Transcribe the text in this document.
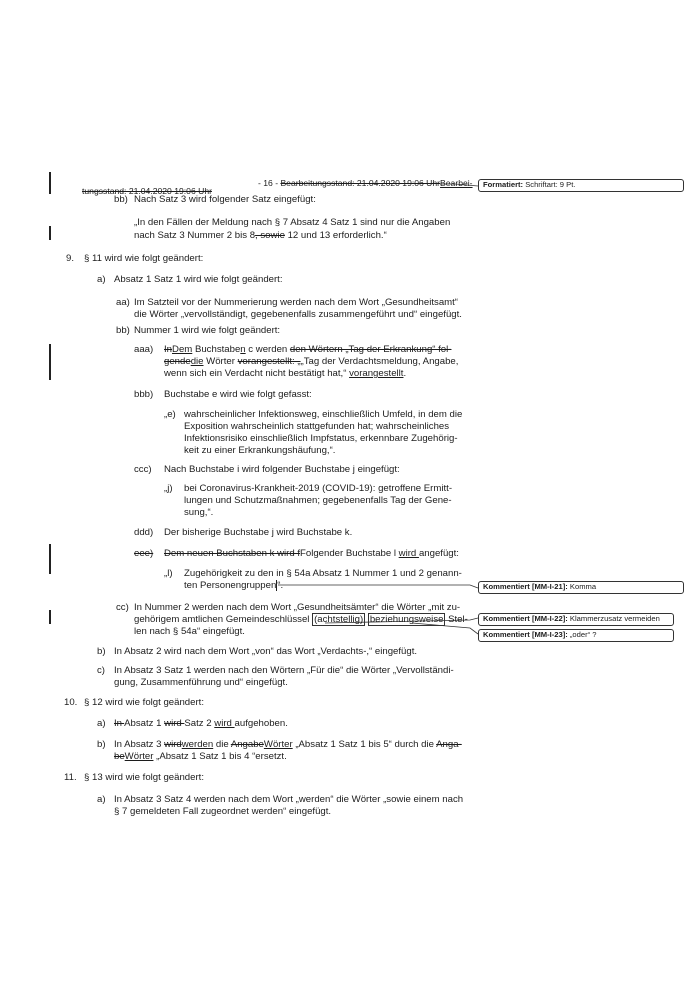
- 16 - Bearbeitungsstand: 21.04.2020 19:06 UhrBearbei-
tungsstand: 21.04.2020 19:06 Uhr
Formatiert: Schriftart: 9 Pt.
Kommentiert [MM-I-21]: Komma
Kommentiert [MM-I-22]: Klammerzusatz vermeiden
Kommentiert [MM-I-23]: „oder“ ?
bb) Nach Satz 3 wird folgender Satz eingefügt:
„In den Fällen der Meldung nach § 7 Absatz 4 Satz 1 sind nur die Angaben
nach Satz 3 Nummer 2 bis 8, sowie 12 und 13 erforderlich.“
9. § 11 wird wie folgt geändert:
a) Absatz 1 Satz 1 wird wie folgt geändert:
aa) Im Satzteil vor der Nummerierung werden nach dem Wort „Gesundheitsamt“
die Wörter „vervollständigt, gegebenenfalls zusammengeführt und“ eingefügt.
bb) Nummer 1 wird wie folgt geändert:
aaa) InDem Buchstaben c werden den Wörtern „Tag der Erkrankung“ fol-
gendedie Wörter vorangestellt: „„Tag der Verdachtsmeldung, Angabe,
wenn sich ein Verdacht nicht bestätigt hat,“ vorangestellt.
bbb) Buchstabe e wird wie folgt gefasst:
„e) wahrscheinlicher Infektionsweg, einschließlich Umfeld, in dem die
Exposition wahrscheinlich stattgefunden hat; wahrscheinliches
Infektionsrisiko einschließlich Impfstatus, erkennbare Zugehörig-
keit zu einer Erkrankungshäufung,“.
ccc) Nach Buchstabe i wird folgender Buchstabe j eingefügt:
„j) bei Coronavirus-Krankheit-2019 (COVID-19): getroffene Ermitt-
lungen und Schutzmaßnahmen; gegebenenfalls Tag der Gene-
sung,“.
ddd) Der bisherige Buchstabe j wird Buchstabe k.
eee) Dem neuen Buchstaben k wird fFolgender Buchstabe l wird angefügt:
„l) Zugehörigkeit zu den in § 54a Absatz 1 Nummer 1 und 2 genann-
ten Personengruppen“.
cc) In Nummer 2 werden nach dem Wort „Gesundheitsämter“ die Wörter „mit zu-
gehörigem amtlichen Gemeindeschlüssel (achtstellig) beziehungsweise Stel-
len nach § 54a“ eingefügt.
b) In Absatz 2 wird nach dem Wort „von“ das Wort „Verdachts-,“ eingefügt.
c) In Absatz 3 Satz 1 werden nach den Wörtern „Für die“ die Wörter „Vervollständi-
gung, Zusammenführung und“ eingefügt.
10. § 12 wird wie folgt geändert:
a) In Absatz 1 wird Satz 2 wird aufgehoben.
b) In Absatz 3 wirdwerden die AngabeWörter „Absatz 1 Satz 1 bis 5“ durch die Anga-
beWörter „Absatz 1 Satz 1 bis 4 “ersetzt.
11. § 13 wird wie folgt geändert:
a) In Absatz 3 Satz 4 werden nach dem Wort „werden“ die Wörter „sowie einem nach
§ 7 gemeldeten Fall zugeordnet werden“ eingefügt.
